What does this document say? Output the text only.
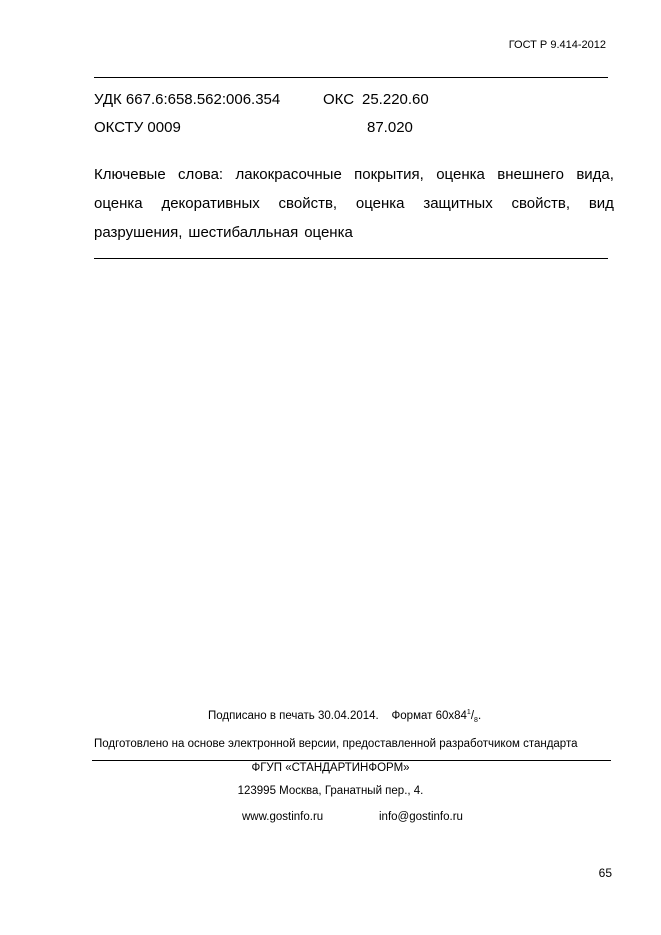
ГОСТ Р 9.414-2012
УДК 667.6:658.562:006.354	ОКС 25.220.60
ОКСТУ 0009	87.020
Ключевые слова: лакокрасочные покрытия, оценка внешнего вида,
оценка декоративных свойств, оценка защитных свойств, вид
разрушения, шестибалльная оценка
Подписано в печать 30.04.2014. Формат $60x84^1/_8$.
Подготовлено на основе электронной версии, предоставленной разработчиком стандарта
ФГУП «СТАНДАРТИНФОРМ»
123995 Москва, Гранатный пер., 4.
www.gostinfo.ru	info@gostinfo.ru
65
